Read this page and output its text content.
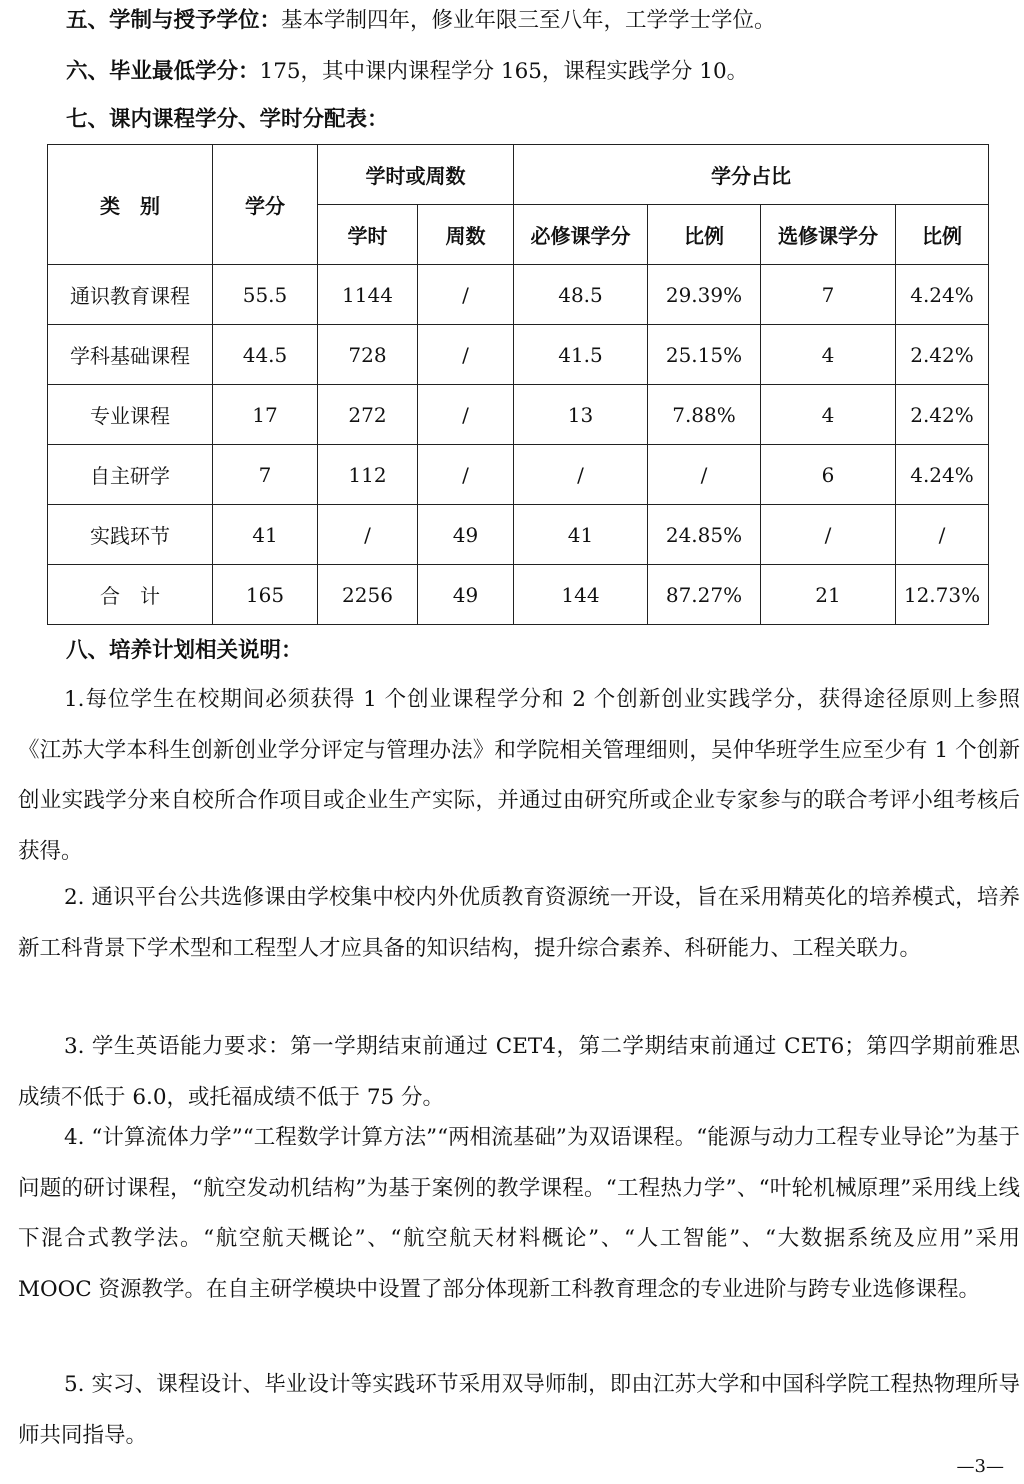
五、学制与授予学位：基本学制四年，修业年限三至八年，工学学士学位。
六、毕业最低学分：175，其中课内课程学分 165，课程实践学分 10。
七、课内课程学分、学时分配表：
类　别	学分	学时或周数		学分占比			
		学时	周数	必修课学分	比例	选修课学分	比例
通识教育课程	55.5	1144	/	48.5	29.39%	7	4.24%
学科基础课程	44.5	728	/	41.5	25.15%	4	2.42%
专业课程	17	272	/	13	7.88%	4	2.42%
自主研学	7	112	/	/	/	6	4.24%
实践环节	41	/	49	41	24.85%	/	/
合　计	165	2256	49	144	87.27%	21	12.73%
八、培养计划相关说明：
1.每位学生在校期间必须获得 1 个创业课程学分和 2 个创新创业实践学分，获得途径原则上参照《江苏大学本科生创新创业学分评定与管理办法》和学院相关管理细则，吴仲华班学生应至少有 1 个创新创业实践学分来自校所合作项目或企业生产实际，并通过由研究所或企业专家参与的联合考评小组考核后获得。
2. 通识平台公共选修课由学校集中校内外优质教育资源统一开设，旨在采用精英化的培养模式，培养新工科背景下学术型和工程型人才应具备的知识结构，提升综合素养、科研能力、工程关联力。
3. 学生英语能力要求：第一学期结束前通过 CET4，第二学期结束前通过 CET6；第四学期前雅思成绩不低于 6.0，或托福成绩不低于 75 分。
4. “计算流体力学”“工程数学计算方法”“两相流基础”为双语课程。“能源与动力工程专业导论”为基于问题的研讨课程，“航空发动机结构”为基于案例的教学课程。“工程热力学”、“叶轮机械原理”采用线上线下混合式教学法。“航空航天概论”、“航空航天材料概论”、“人工智能”、“大数据系统及应用”采用 MOOC 资源教学。在自主研学模块中设置了部分体现新工科教育理念的专业进阶与跨专业选修课程。
5. 实习、课程设计、毕业设计等实践环节采用双导师制，即由江苏大学和中国科学院工程热物理所导师共同指导。
—3—
